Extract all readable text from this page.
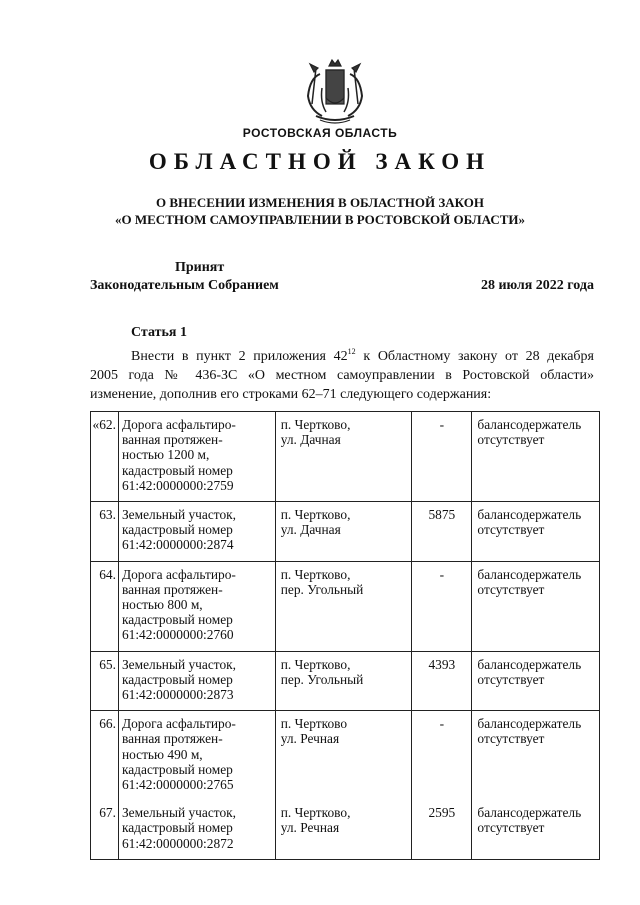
РОСТОВСКАЯ ОБЛАСТЬ
ОБЛАСТНОЙ ЗАКОН
О ВНЕСЕНИИ ИЗМЕНЕНИЯ В ОБЛАСТНОЙ ЗАКОН
«О МЕСТНОМ САМОУПРАВЛЕНИИ В РОСТОВСКОЙ ОБЛАСТИ»
Принят
Законодательным Собранием	28 июля 2022 года
Статья 1
Внести в пункт 2 приложения $42^{12}$ к Областному закону от 28 декабря
2005 года № 436-ЗС «О местном самоуправлении в Ростовской области»
изменение, дополнив его строками 62–71 следующего содержания:
«62.	Дорога асфальтиро-
ванная протяжен-
ностью 1200 м,
кадастровый номер
61:42:0000000:2759	п. Чертково,
ул. Дачная	-	балансодержатель
отсутствует

63.	Земельный участок,
кадастровый номер
61:42:0000000:2874	п. Чертково,
ул. Дачная	5875	балансодержатель
отсутствует

64.	Дорога асфальтиро-
ванная протяжен-
ностью 800 м,
кадастровый номер
61:42:0000000:2760	п. Чертково,
пер. Угольный	-	балансодержатель
отсутствует

65.	Земельный участок,
кадастровый номер
61:42:0000000:2873	п. Чертково,
пер. Угольный	4393	балансодержатель
отсутствует

66.	Дорога асфальтиро-
ванная протяжен-
ностью 490 м,
кадастровый номер
61:42:0000000:2765	п. Чертково
ул. Речная	-	балансодержатель
отсутствует

67.	Земельный участок,
кадастровый номер
61:42:0000000:2872	п. Чертково,
ул. Речная	2595	балансодержатель
отсутствует
